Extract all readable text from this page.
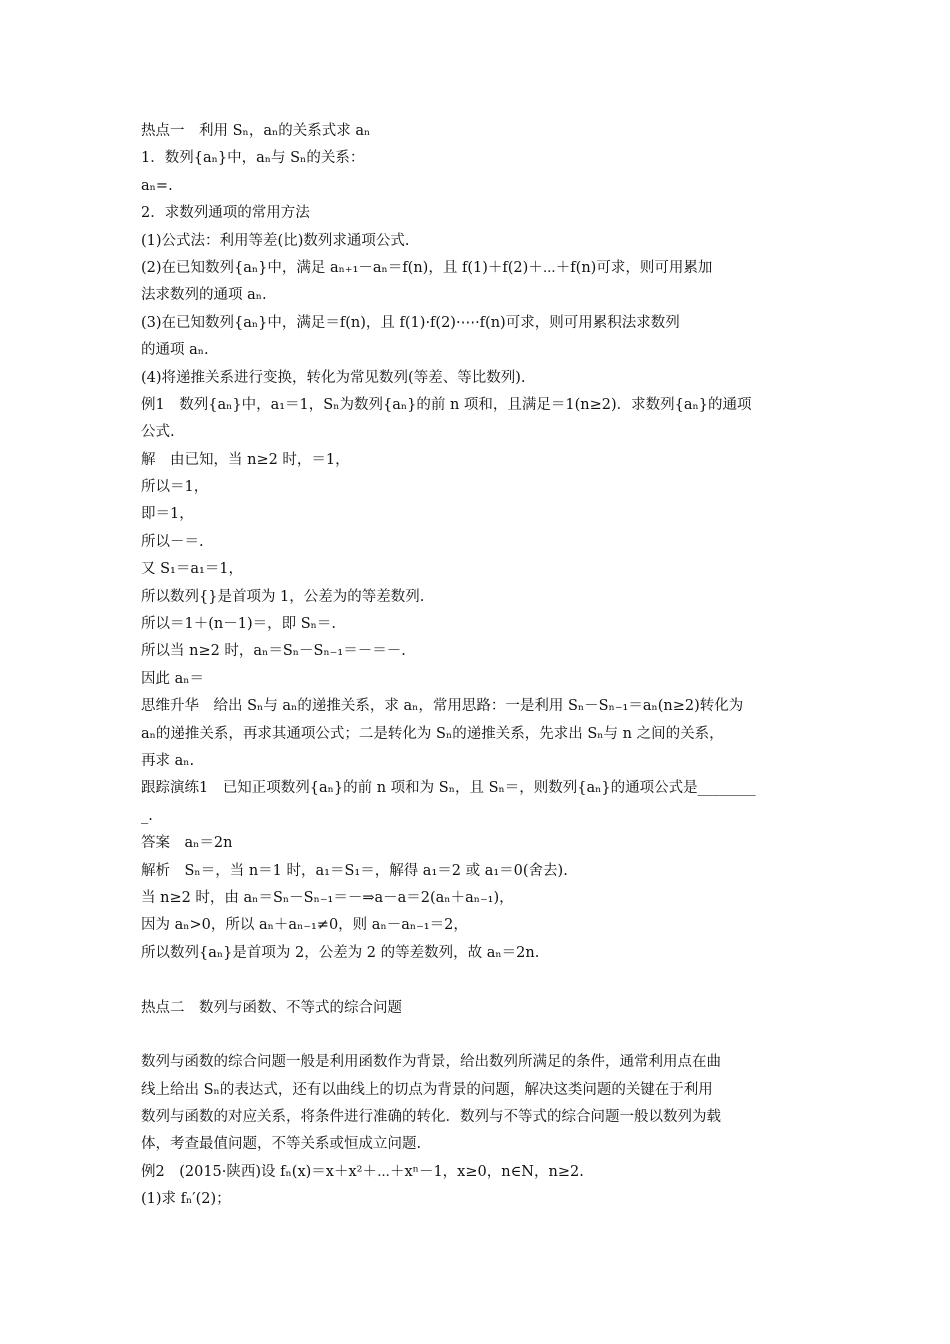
热点一　利用 Sₙ，aₙ的关系式求 aₙ
1．数列{aₙ}中，aₙ与 Sₙ的关系：
aₙ=.
2．求数列通项的常用方法
(1)公式法：利用等差(比)数列求通项公式.
(2)在已知数列{aₙ}中，满足 aₙ₊₁－aₙ＝f(n)，且 f(1)＋f(2)＋⋯＋f(n)可求，则可用累加
法求数列的通项 aₙ.
(3)在已知数列{aₙ}中，满足＝f(n)，且 f(1)·f(2)·⋯·f(n)可求，则可用累积法求数列
的通项 aₙ.
(4)将递推关系进行变换，转化为常见数列(等差、等比数列).
例1　数列{aₙ}中，a₁＝1，Sₙ为数列{aₙ}的前 n 项和，且满足＝1(n≥2)．求数列{aₙ}的通项
公式.
解　由已知，当 n≥2 时，＝1，
所以＝1，
即＝1，
所以－＝.
又 S₁＝a₁＝1，
所以数列{}是首项为 1，公差为的等差数列.
所以＝1＋(n－1)＝，即 Sₙ＝.
所以当 n≥2 时，aₙ＝Sₙ－Sₙ₋₁＝－＝－.
因此 aₙ＝
思维升华　给出 Sₙ与 aₙ的递推关系，求 aₙ，常用思路：一是利用 Sₙ－Sₙ₋₁＝aₙ(n≥2)转化为
aₙ的递推关系，再求其通项公式；二是转化为 Sₙ的递推关系，先求出 Sₙ与 n 之间的关系，
再求 aₙ.
跟踪演练1　已知正项数列{aₙ}的前 n 项和为 Sₙ，且 Sₙ＝，则数列{aₙ}的通项公式是________
_.
答案　aₙ＝2n
解析　Sₙ＝，当 n＝1 时，a₁＝S₁＝，解得 a₁＝2 或 a₁＝0(舍去).
当 n≥2 时，由 aₙ＝Sₙ－Sₙ₋₁＝－⇒a－a＝2(aₙ＋aₙ₋₁)，
因为 aₙ>0，所以 aₙ＋aₙ₋₁≠0，则 aₙ－aₙ₋₁＝2，
所以数列{aₙ}是首项为 2，公差为 2 的等差数列，故 aₙ＝2n.
热点二　数列与函数、不等式的综合问题
数列与函数的综合问题一般是利用函数作为背景，给出数列所满足的条件，通常利用点在曲
线上给出 Sₙ的表达式，还有以曲线上的切点为背景的问题，解决这类问题的关键在于利用
数列与函数的对应关系，将条件进行准确的转化．数列与不等式的综合问题一般以数列为载
体，考查最值问题，不等关系或恒成立问题.
例2　(2015·陕西)设 fₙ(x)＝x＋x²＋⋯＋xⁿ－1，x≥0，n∈N，n≥2.
(1)求 fₙ′(2)；
